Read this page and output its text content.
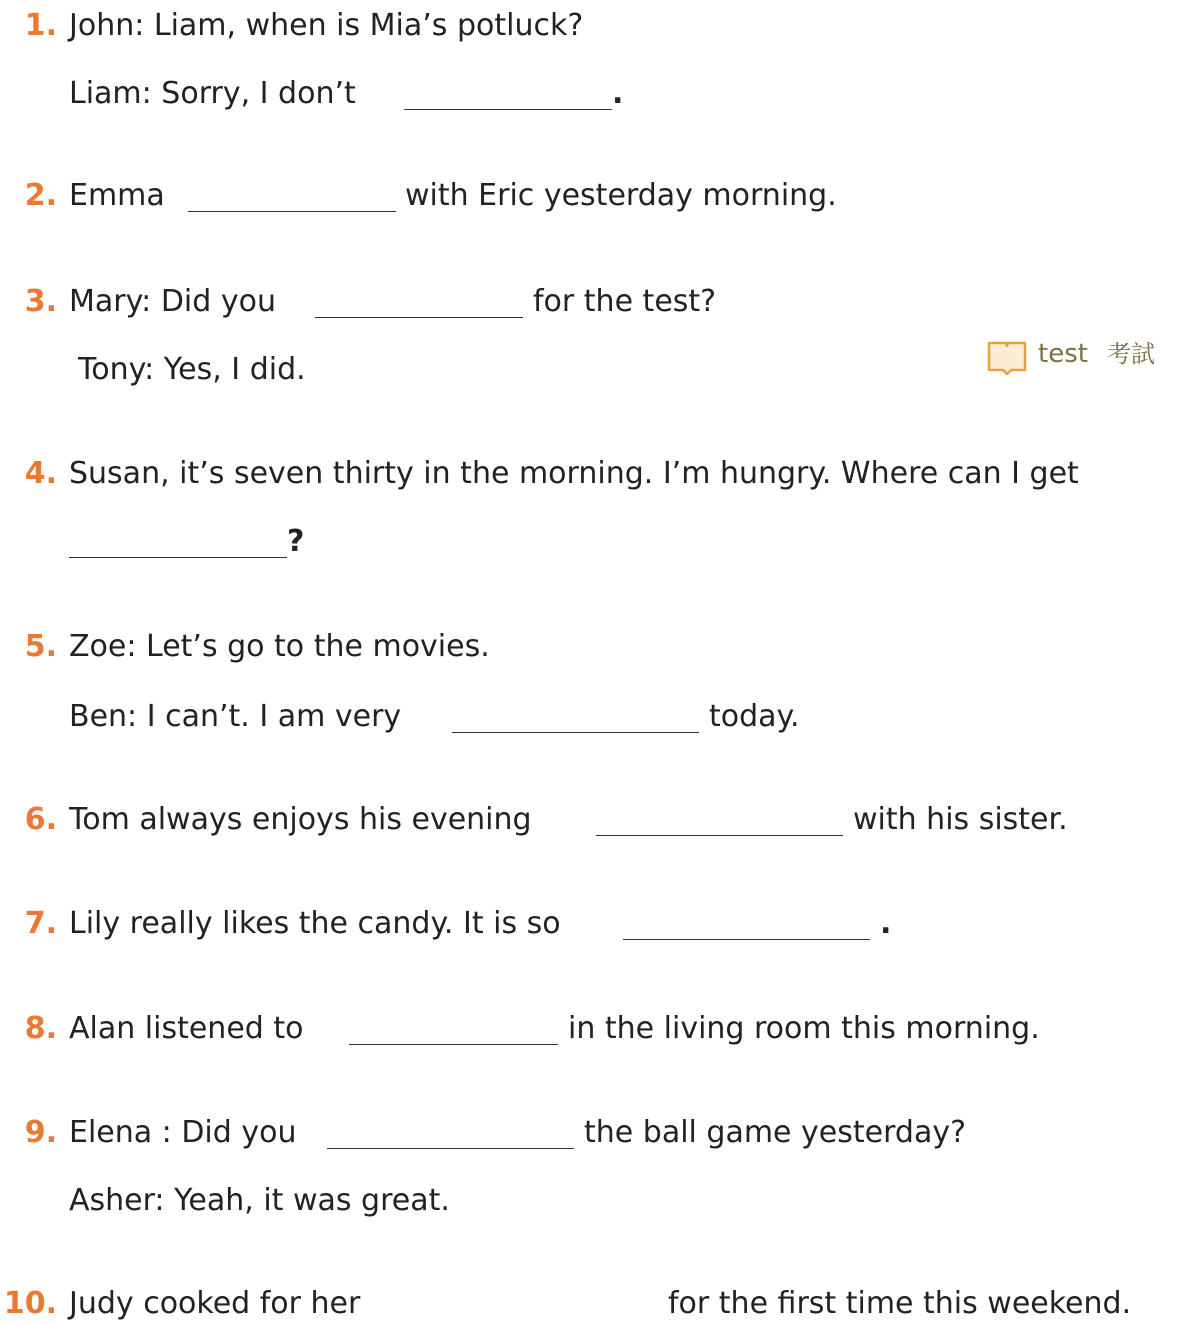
1. John: Liam, when is Mia’s potluck?
Liam: Sorry, I don’t	.
2. Emma	with Eric yesterday morning.
3. Mary: Did you	for the test?
Tony: Yes, I did.	test 考試
4. Susan, it’s seven thirty in the morning. I’m hungry. Where can I get
?
5. Zoe: Let’s go to the movies.
Ben: I can’t. I am very	today.
6. Tom always enjoys his evening	with his sister.
7. Lily really likes the candy. It is so	.
8. Alan listened to	in the living room this morning.
9. Elena : Did you	the ball game yesterday?
Asher: Yeah, it was great.
10. Judy cooked for her	for the first time this weekend.
